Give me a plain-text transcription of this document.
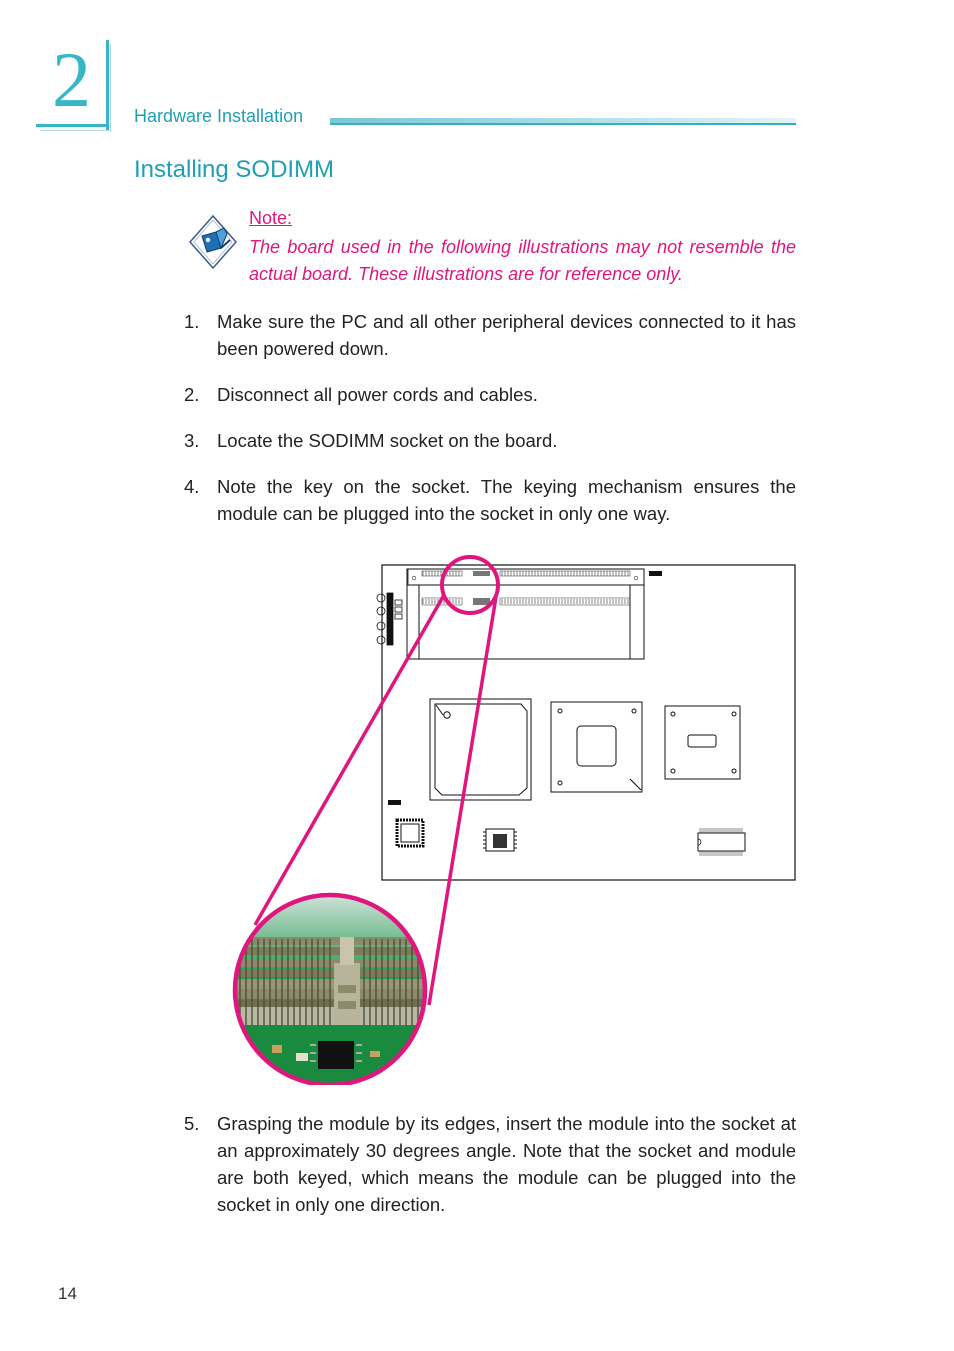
2 Hardware Installation
Installing SODIMM
Note:
The board used in the following illustrations may not resemble the actual board. These illustrations are for reference only.
1. Make sure the PC and all other peripheral devices connected to it has been powered down.
2. Disconnect all power cords and cables.
3. Locate the SODIMM socket on the board.
4. Note the key on the socket. The keying mechanism ensures the module can be plugged into the socket in only one way.
5. Grasping the module by its edges, insert the module into the socket at an approximately 30 degrees angle. Note that the socket and module are both keyed, which means the module can be plugged into the socket in only one direction.
14
